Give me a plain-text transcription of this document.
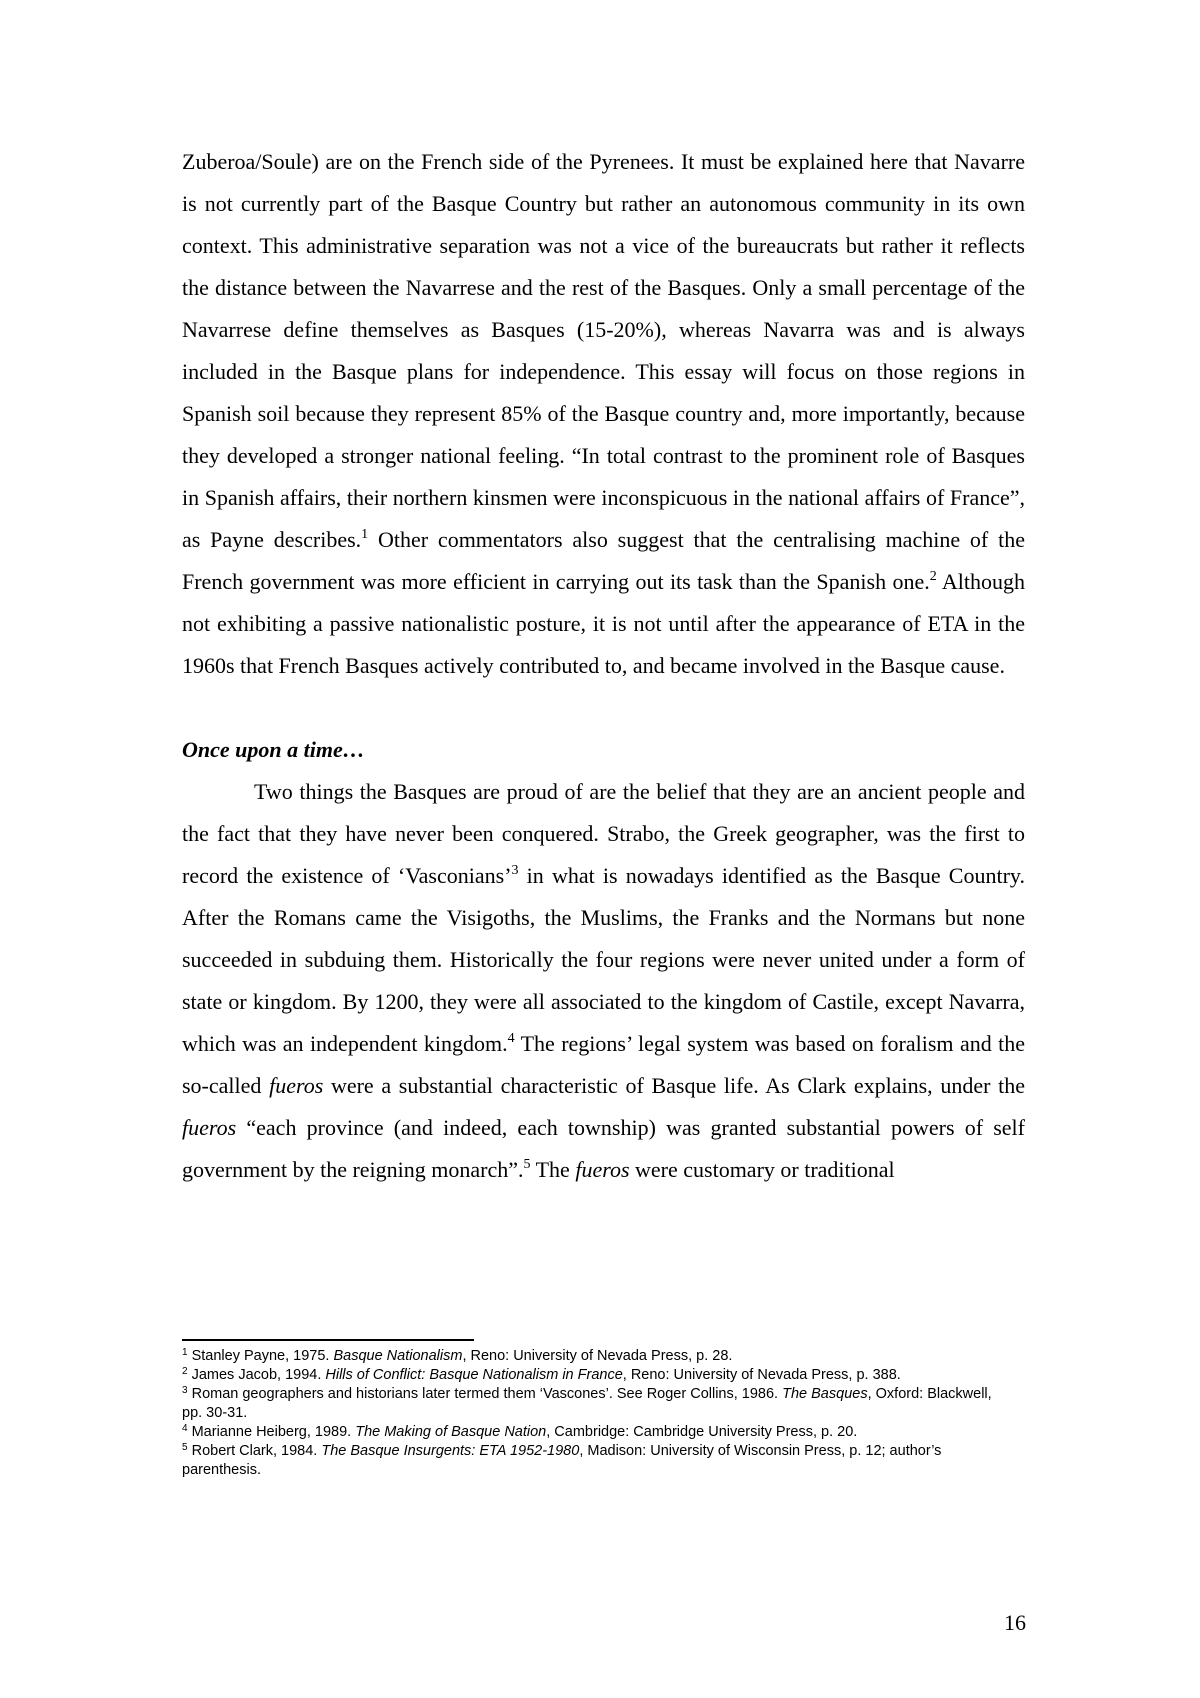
Zuberoa/Soule) are on the French side of the Pyrenees. It must be explained here that Navarre is not currently part of the Basque Country but rather an autonomous community in its own context. This administrative separation was not a vice of the bureaucrats but rather it reflects the distance between the Navarrese and the rest of the Basques. Only a small percentage of the Navarrese define themselves as Basques (15-20%), whereas Navarra was and is always included in the Basque plans for independence. This essay will focus on those regions in Spanish soil because they represent 85% of the Basque country and, more importantly, because they developed a stronger national feeling. “In total contrast to the prominent role of Basques in Spanish affairs, their northern kinsmen were inconspicuous in the national affairs of France”, as Payne describes.$^1$ Other commentators also suggest that the centralising machine of the French government was more efficient in carrying out its task than the Spanish one.$^2$ Although not exhibiting a passive nationalistic posture, it is not until after the appearance of ETA in the 1960s that French Basques actively contributed to, and became involved in the Basque cause.

Once upon a time…

Two things the Basques are proud of are the belief that they are an ancient people and the fact that they have never been conquered. Strabo, the Greek geographer, was the first to record the existence of ‘Vasconians’$^3$ in what is nowadays identified as the Basque Country. After the Romans came the Visigoths, the Muslims, the Franks and the Normans but none succeeded in subduing them. Historically the four regions were never united under a form of state or kingdom. By 1200, they were all associated to the kingdom of Castile, except Navarra, which was an independent kingdom.$^4$ The regions’ legal system was based on foralism and the so-called fueros were a substantial characteristic of Basque life. As Clark explains, under the fueros “each province (and indeed, each township) was granted substantial powers of self government by the reigning monarch”.$^5$ The fueros were customary or traditional

$^1$ Stanley Payne, 1975. Basque Nationalism, Reno: University of Nevada Press, p. 28.

$^2$ James Jacob, 1994. Hills of Conflict: Basque Nationalism in France, Reno: University of Nevada Press, p. 388.

$^3$ Roman geographers and historians later termed them ‘Vascones’. See Roger Collins, 1986. The Basques, Oxford: Blackwell, pp. 30-31.

$^4$ Marianne Heiberg, 1989. The Making of Basque Nation, Cambridge: Cambridge University Press, p. 20.

$^5$ Robert Clark, 1984. The Basque Insurgents: ETA 1952-1980, Madison: University of Wisconsin Press, p. 12; author’s parenthesis.

16
